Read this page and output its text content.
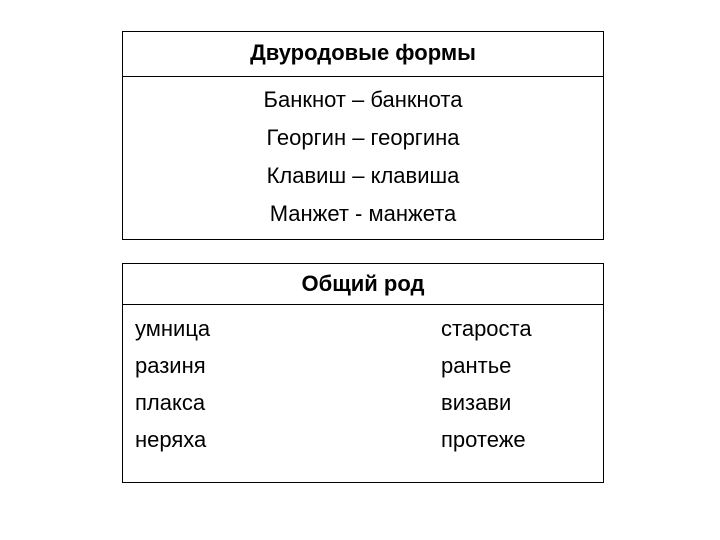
Двуродовые формы
Банкнот – банкнота
Георгин – георгина
Клавиш – клавиша
Манжет - манжета
Общий род
умница	староста
разиня	рантье
плакса	визави
неряха	протеже
